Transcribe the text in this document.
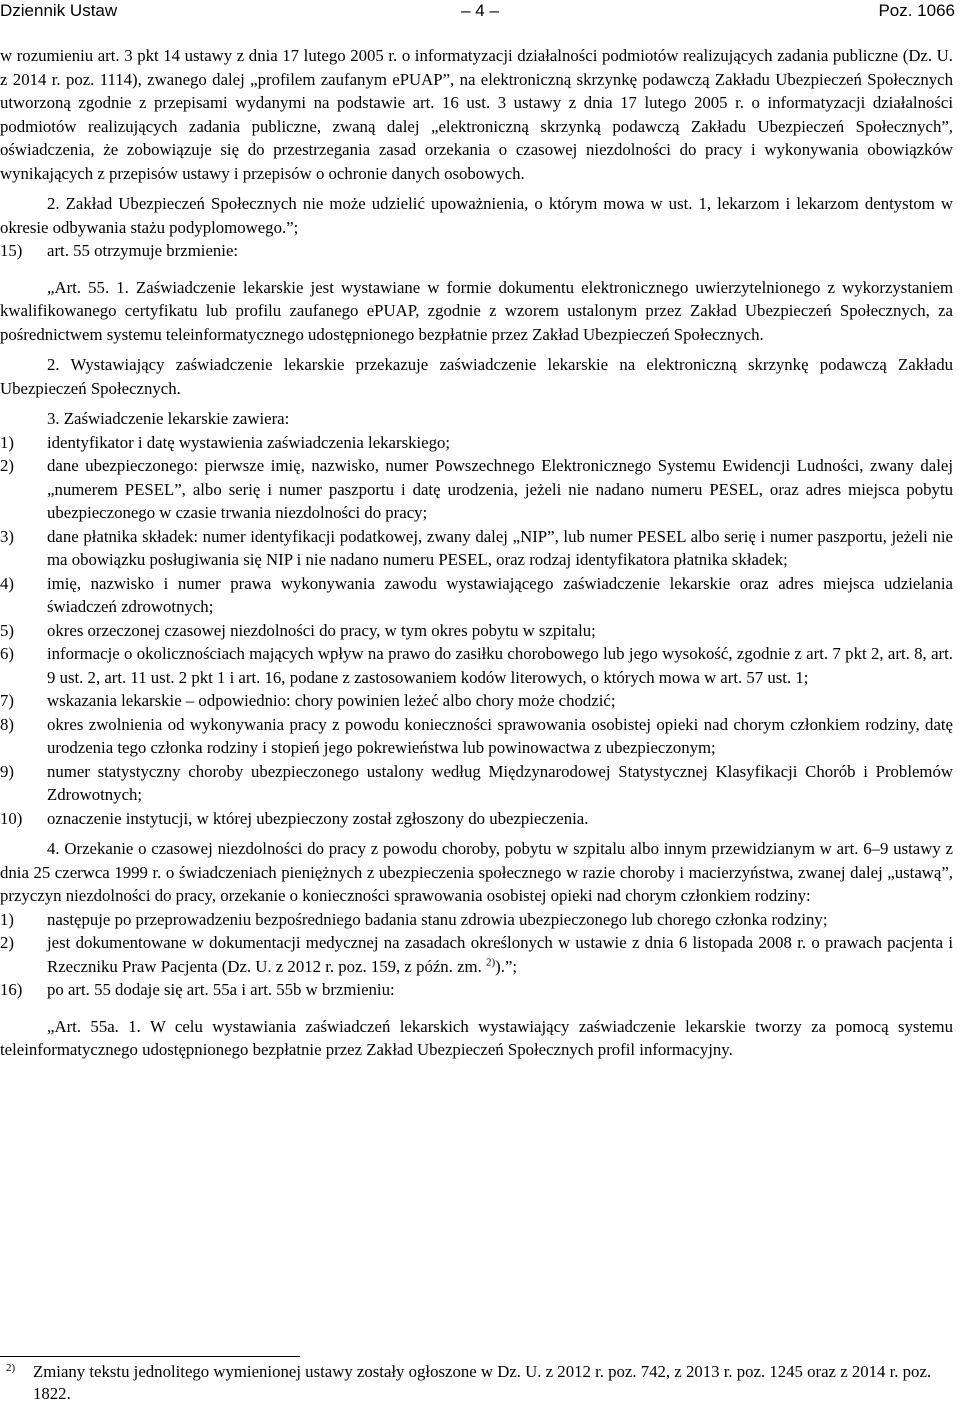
Dziennik Ustaw	– 4 –	Poz. 1066

w rozumieniu art. 3 pkt 14 ustawy z dnia 17 lutego 2005 r. o informatyzacji działalności podmiotów realizujących zadania publiczne (Dz. U. z 2014 r. poz. 1114), zwanego dalej „profilem zaufanym ePUAP”, na elektroniczną skrzynkę podawczą Zakładu Ubezpieczeń Społecznych utworzoną zgodnie z przepisami wydanymi na podstawie art. 16 ust. 3 ustawy z dnia 17 lutego 2005 r. o informatyzacji działalności podmiotów realizujących zadania publiczne, zwaną dalej „elektroniczną skrzynką podawczą Zakładu Ubezpieczeń Społecznych”, oświadczenia, że zobowiązuje się do przestrzegania zasad orzekania o czasowej niezdolności do pracy i wykonywania obowiązków wynikających z przepisów ustawy i przepisów o ochronie danych osobowych.

2. Zakład Ubezpieczeń Społecznych nie może udzielić upoważnienia, o którym mowa w ust. 1, lekarzom i lekarzom dentystom w okresie odbywania stażu podyplomowego.”;

15) art. 55 otrzymuje brzmienie:

„Art. 55. 1. Zaświadczenie lekarskie jest wystawiane w formie dokumentu elektronicznego uwierzytelnionego z wykorzystaniem kwalifikowanego certyfikatu lub profilu zaufanego ePUAP, zgodnie z wzorem ustalonym przez Zakład Ubezpieczeń Społecznych, za pośrednictwem systemu teleinformatycznego udostępnionego bezpłatnie przez Zakład Ubezpieczeń Społecznych.

2. Wystawiający zaświadczenie lekarskie przekazuje zaświadczenie lekarskie na elektroniczną skrzynkę podawczą Zakładu Ubezpieczeń Społecznych.

3. Zaświadczenie lekarskie zawiera:

1) identyfikator i datę wystawienia zaświadczenia lekarskiego;
2) dane ubezpieczonego: pierwsze imię, nazwisko, numer Powszechnego Elektronicznego Systemu Ewidencji Ludności, zwany dalej „numerem PESEL”, albo serię i numer paszportu i datę urodzenia, jeżeli nie nadano numeru PESEL, oraz adres miejsca pobytu ubezpieczonego w czasie trwania niezdolności do pracy;
3) dane płatnika składek: numer identyfikacji podatkowej, zwany dalej „NIP”, lub numer PESEL albo serię i numer paszportu, jeżeli nie ma obowiązku posługiwania się NIP i nie nadano numeru PESEL, oraz rodzaj identyfikatora płatnika składek;
4) imię, nazwisko i numer prawa wykonywania zawodu wystawiającego zaświadczenie lekarskie oraz adres miejsca udzielania świadczeń zdrowotnych;
5) okres orzeczonej czasowej niezdolności do pracy, w tym okres pobytu w szpitalu;
6) informacje o okolicznościach mających wpływ na prawo do zasiłku chorobowego lub jego wysokość, zgodnie z art. 7 pkt 2, art. 8, art. 9 ust. 2, art. 11 ust. 2 pkt 1 i art. 16, podane z zastosowaniem kodów literowych, o których mowa w art. 57 ust. 1;
7) wskazania lekarskie – odpowiednio: chory powinien leżeć albo chory może chodzić;
8) okres zwolnienia od wykonywania pracy z powodu konieczności sprawowania osobistej opieki nad chorym członkiem rodziny, datę urodzenia tego członka rodziny i stopień jego pokrewieństwa lub powinowactwa z ubezpieczonym;
9) numer statystyczny choroby ubezpieczonego ustalony według Międzynarodowej Statystycznej Klasyfikacji Chorób i Problemów Zdrowotnych;
10) oznaczenie instytucji, w której ubezpieczony został zgłoszony do ubezpieczenia.

4. Orzekanie o czasowej niezdolności do pracy z powodu choroby, pobytu w szpitalu albo innym przewidzianym w art. 6–9 ustawy z dnia 25 czerwca 1999 r. o świadczeniach pieniężnych z ubezpieczenia społecznego w razie choroby i macierzyństwa, zwanej dalej „ustawą”, przyczyn niezdolności do pracy, orzekanie o konieczności sprawowania osobistej opieki nad chorym członkiem rodziny:

1) następuje po przeprowadzeniu bezpośredniego badania stanu zdrowia ubezpieczonego lub chorego członka rodziny;
2) jest dokumentowane w dokumentacji medycznej na zasadach określonych w ustawie z dnia 6 listopada 2008 r. o prawach pacjenta i Rzeczniku Praw Pacjenta (Dz. U. z 2012 r. poz. 159, z późn. zm. $^{2)}$).”;
16) po art. 55 dodaje się art. 55a i art. 55b w brzmieniu:

„Art. 55a. 1. W celu wystawiania zaświadczeń lekarskich wystawiający zaświadczenie lekarskie tworzy za pomocą systemu teleinformatycznego udostępnionego bezpłatnie przez Zakład Ubezpieczeń Społecznych profil informacyjny.

2) Zmiany tekstu jednolitego wymienionej ustawy zostały ogłoszone w Dz. U. z 2012 r. poz. 742, z 2013 r. poz. 1245 oraz z 2014 r. poz. 1822.
